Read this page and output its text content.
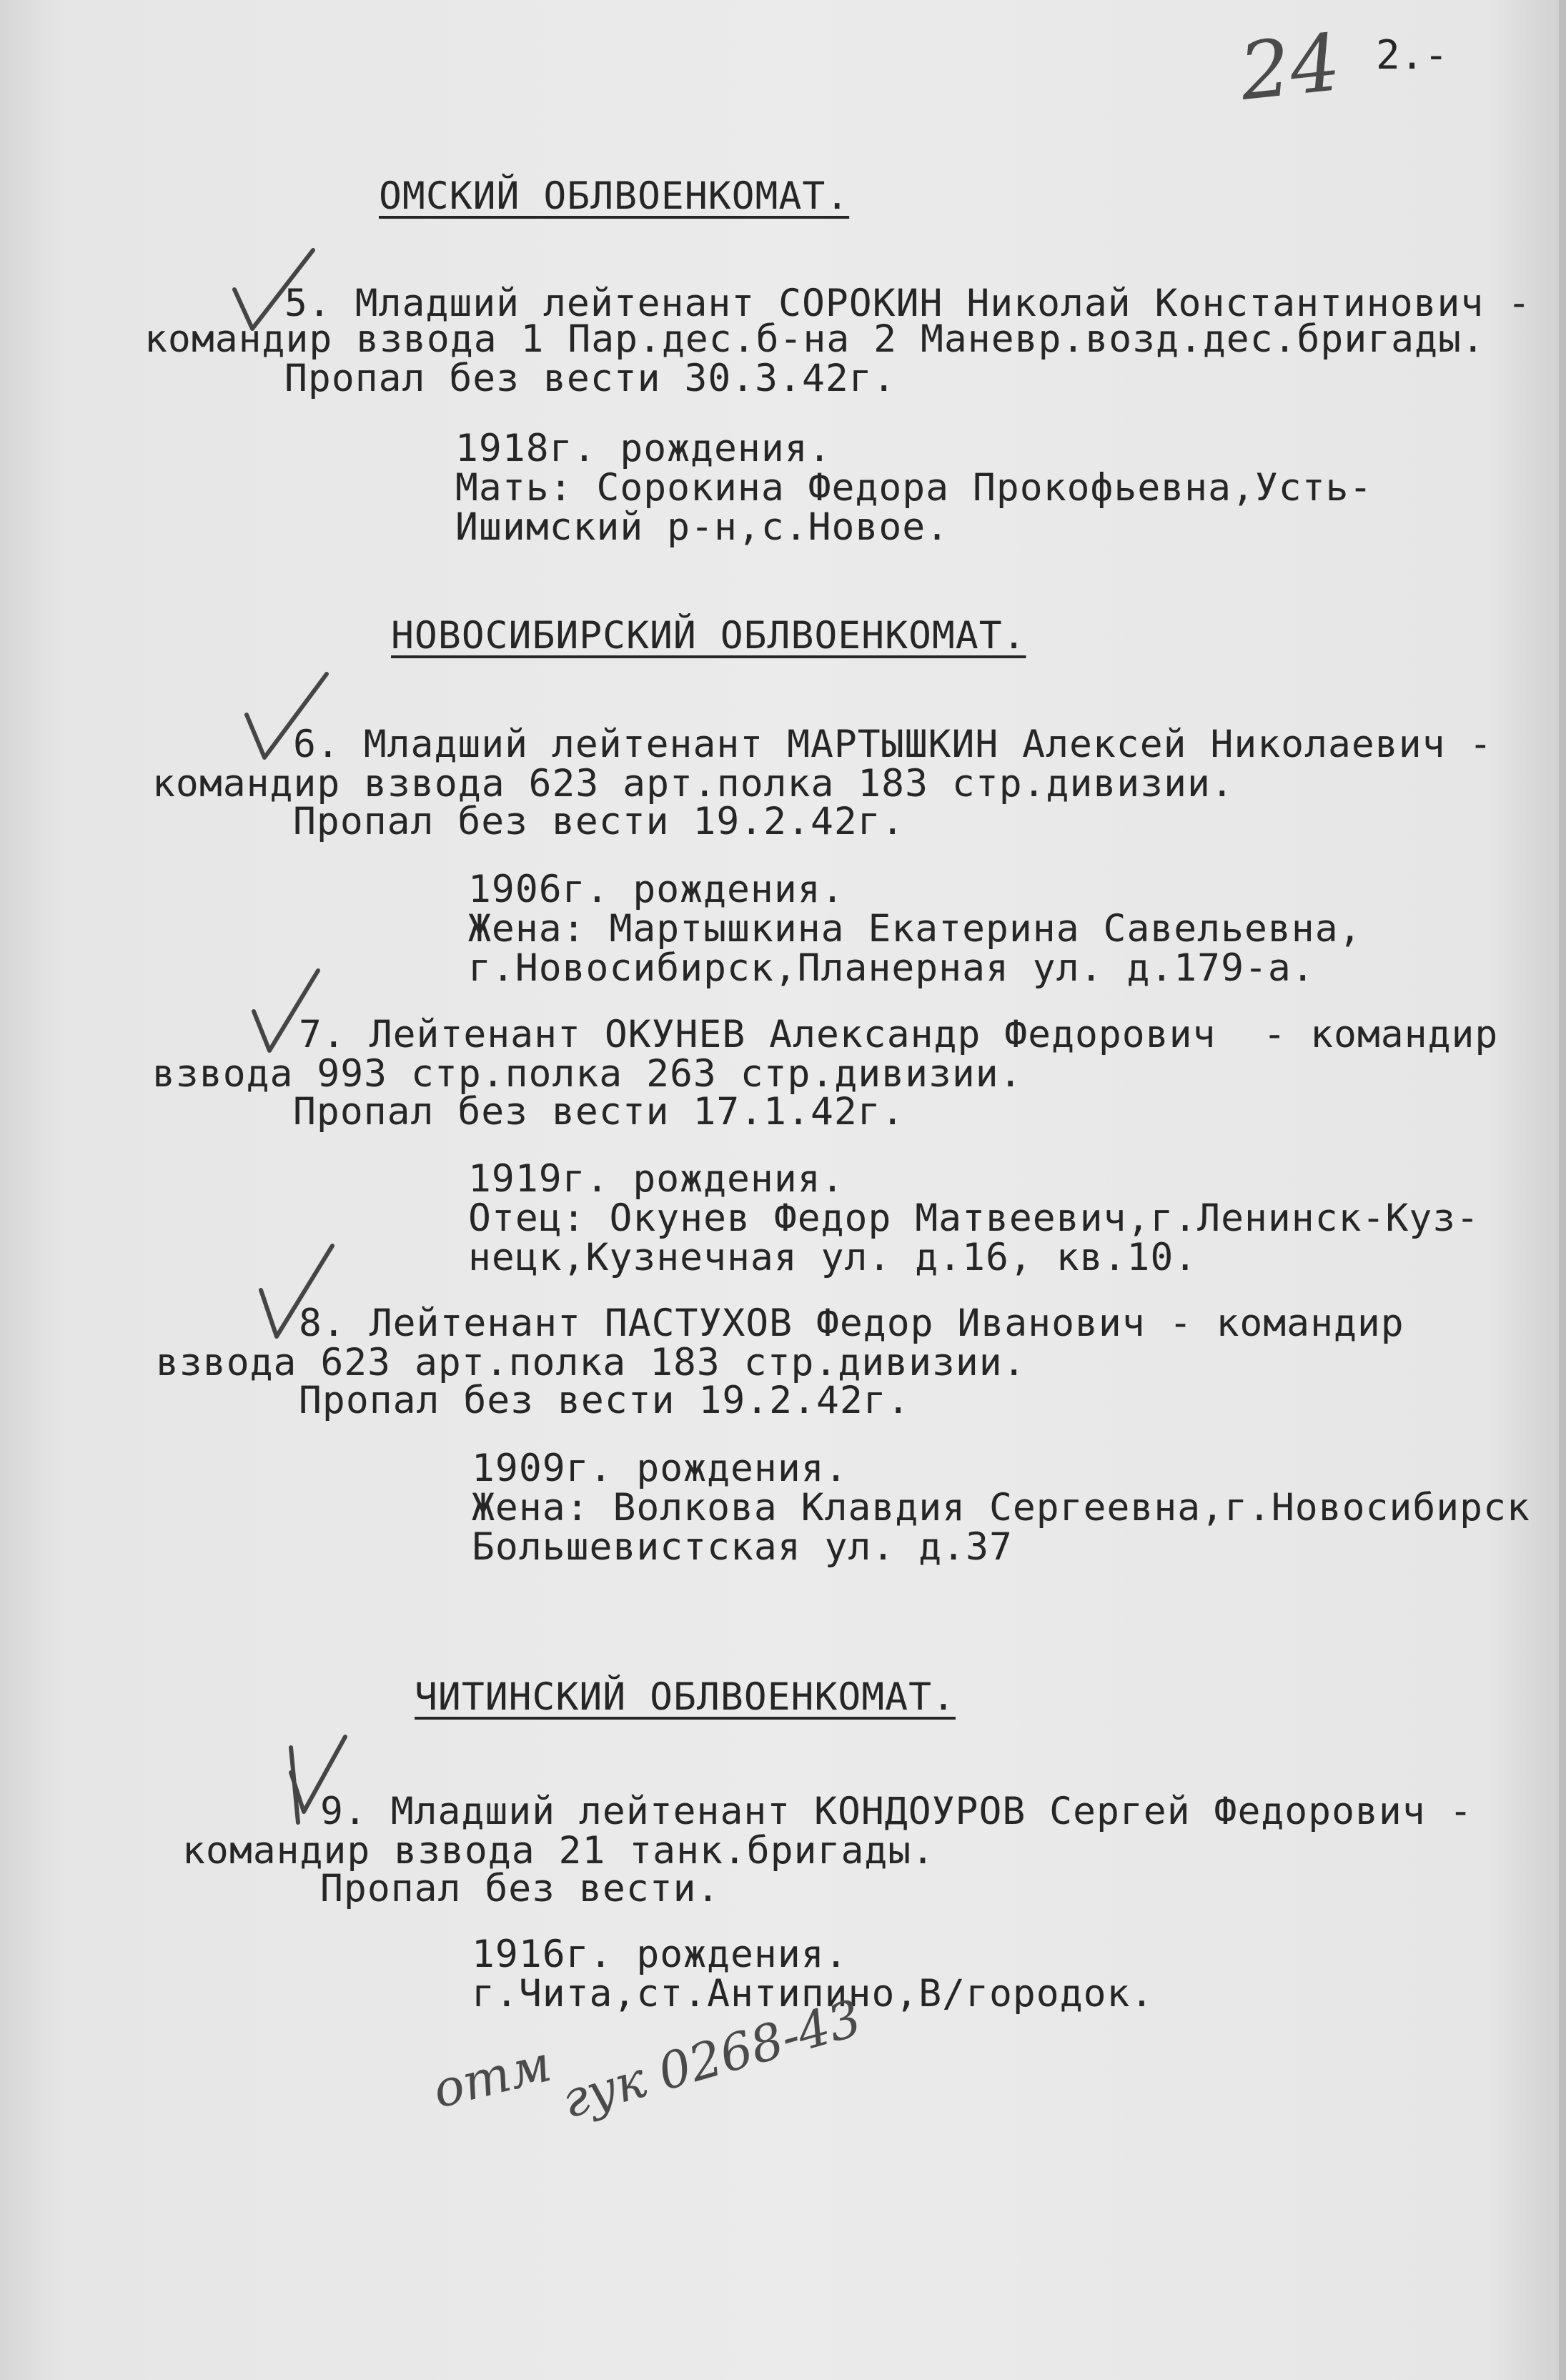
2.-
24
ОМСКИЙ ОБЛВОЕНКОМАТ.
5. Младший лейтенант СОРОКИН Николай Константинович -
командир взвода 1 Пар.дес.б-на 2 Маневр.возд.дес.бригады.
Пропал без вести 30.3.42г.
1918г. рождения.
Мать: Сорокина Федора Прокофьевна,Усть-
Ишимский р-н,с.Новое.
НОВОСИБИРСКИЙ ОБЛВОЕНКОМАТ.
6. Младший лейтенант МАРТЫШКИН Алексей Николаевич -
командир взвода 623 арт.полка 183 стр.дивизии.
Пропал без вести 19.2.42г.
1906г. рождения.
Жена: Мартышкина Екатерина Савельевна,
г.Новосибирск,Планерная ул. д.179-а.
7. Лейтенант ОКУНЕВ Александр Федорович  - командир
взвода 993 стр.полка 263 стр.дивизии.
Пропал без вести 17.1.42г.
1919г. рождения.
Отец: Окунев Федор Матвеевич,г.Ленинск-Куз-
нецк,Кузнечная ул. д.16, кв.10.
8. Лейтенант ПАСТУХОВ Федор Иванович - командир
взвода 623 арт.полка 183 стр.дивизии.
Пропал без вести 19.2.42г.
1909г. рождения.
Жена: Волкова Клавдия Сергеевна,г.Новосибирск
Большевистская ул. д.37
ЧИТИНСКИЙ ОБЛВОЕНКОМАТ.
9. Младший лейтенант КОНДОУРОВ Сергей Федорович -
командир взвода 21 танк.бригады.
Пропал без вести.
1916г. рождения.
г.Чита,ст.Антипино,В/городок.
отм
гук 0268-43
